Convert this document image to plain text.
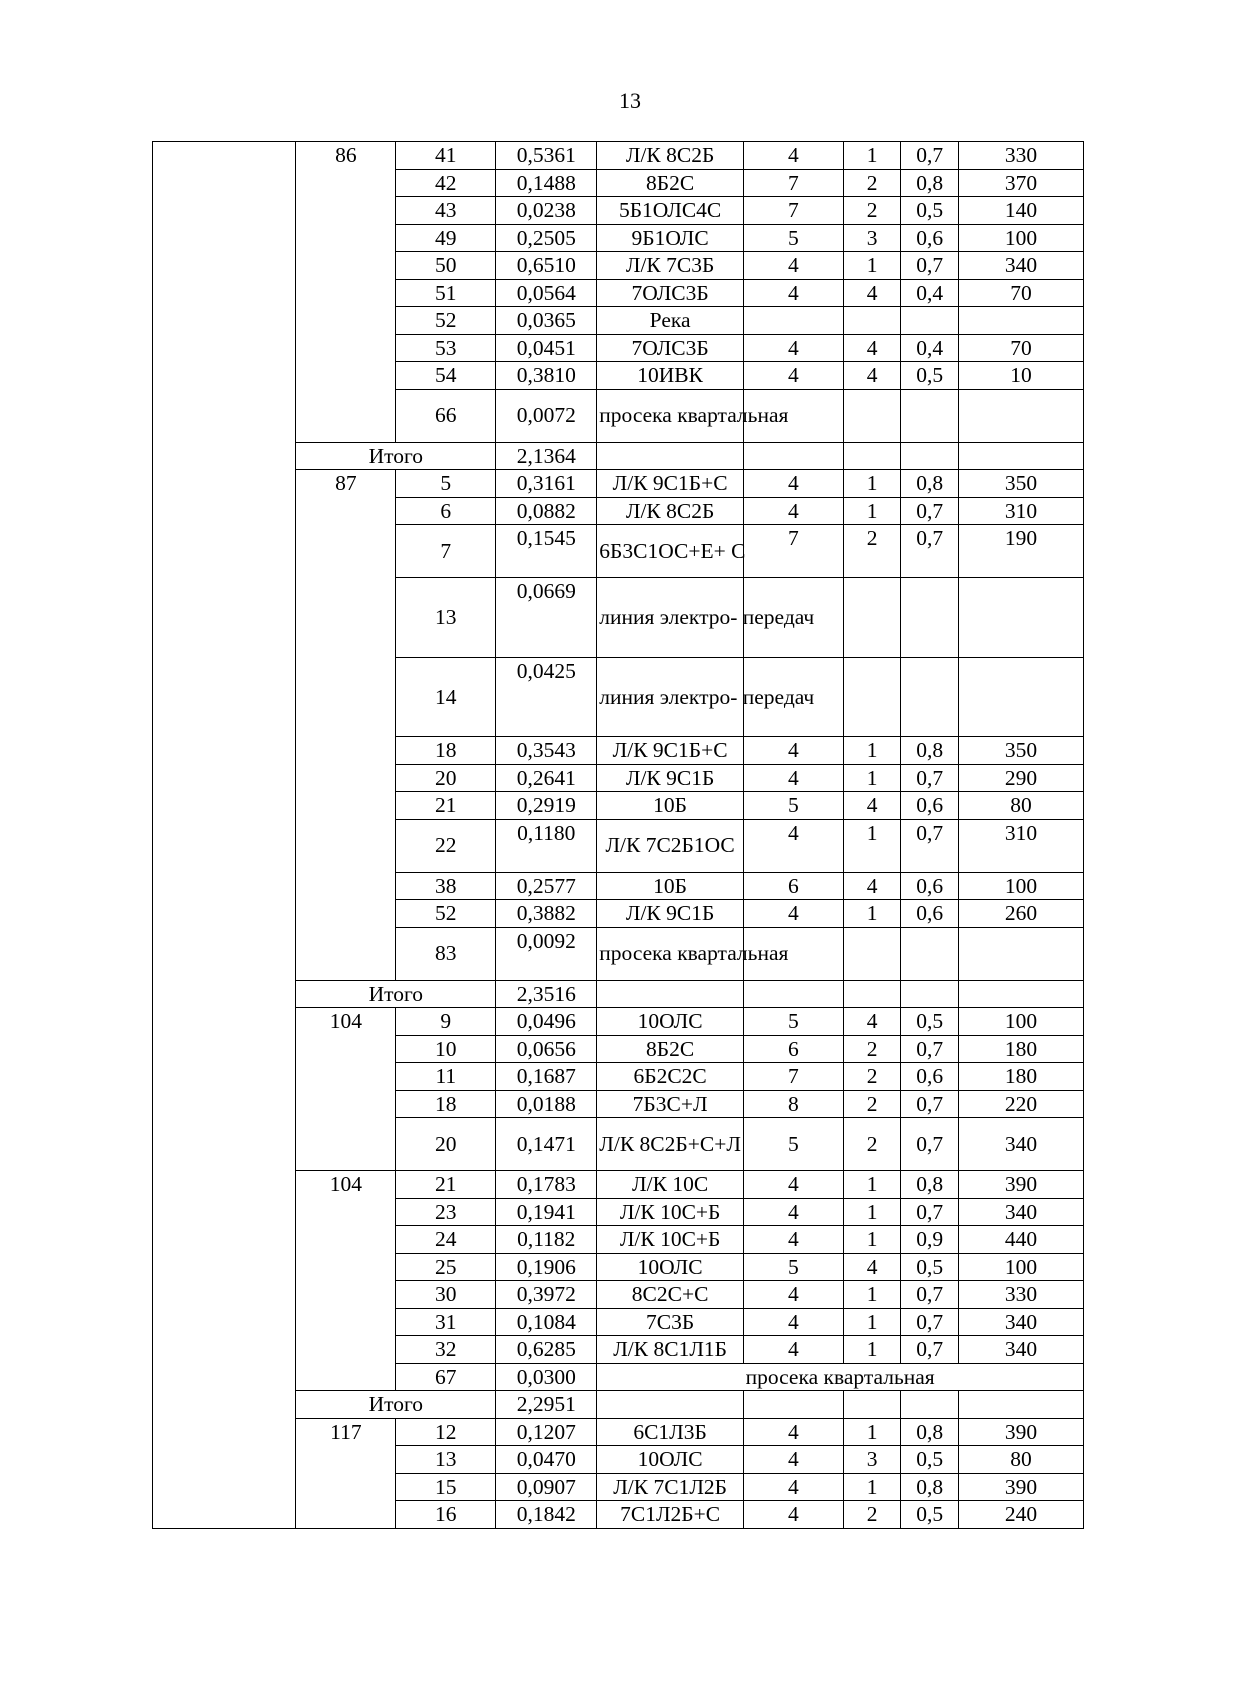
13
	86	41	0,5361	Л/К 8С2Б	4	1	0,7	330
		42	0,1488	8Б2С	7	2	0,8	370
		43	0,0238	5Б1ОЛС4С	7	2	0,5	140
		49	0,2505	9Б1ОЛС	5	3	0,6	100
		50	0,6510	Л/К 7С3Б	4	1	0,7	340
		51	0,0564	7ОЛС3Б	4	4	0,4	70
		52	0,0365	Река				
		53	0,0451	7ОЛС3Б	4	4	0,4	70
		54	0,3810	10ИВК	4	4	0,5	10
		66	0,0072	просека квартальная				
	Итого		2,1364					
	87	5	0,3161	Л/К 9С1Б+С	4	1	0,8	350
		6	0,0882	Л/К 8С2Б	4	1	0,7	310
		7	0,1545	6Б3С1ОС+Е+ С	7	2	0,7	190
		13	0,0669	линия электро- передач				
		14	0,0425	линия электро- передач				
		18	0,3543	Л/К 9С1Б+С	4	1	0,8	350
		20	0,2641	Л/К 9С1Б	4	1	0,7	290
		21	0,2919	10Б	5	4	0,6	80
		22	0,1180	Л/К 7С2Б1ОС	4	1	0,7	310
		38	0,2577	10Б	6	4	0,6	100
		52	0,3882	Л/К 9С1Б	4	1	0,6	260
		83	0,0092	просека квартальная				
	Итого		2,3516					
	104	9	0,0496	10ОЛС	5	4	0,5	100
		10	0,0656	8Б2С	6	2	0,7	180
		11	0,1687	6Б2С2С	7	2	0,6	180
		18	0,0188	7Б3С+Л	8	2	0,7	220
		20	0,1471	Л/К 8С2Б+С+Л	5	2	0,7	340
	104	21	0,1783	Л/К 10С	4	1	0,8	390
		23	0,1941	Л/К 10С+Б	4	1	0,7	340
		24	0,1182	Л/К 10С+Б	4	1	0,9	440
		25	0,1906	10ОЛС	5	4	0,5	100
		30	0,3972	8С2С+С	4	1	0,7	330
		31	0,1084	7С3Б	4	1	0,7	340
		32	0,6285	Л/К 8С1Л1Б	4	1	0,7	340
		67	0,0300	просека квартальная				
	Итого		2,2951					
	117	12	0,1207	6С1Л3Б	4	1	0,8	390
		13	0,0470	10ОЛС	4	3	0,5	80
		15	0,0907	Л/К 7С1Л2Б	4	1	0,8	390
		16	0,1842	7С1Л2Б+С	4	2	0,5	240
